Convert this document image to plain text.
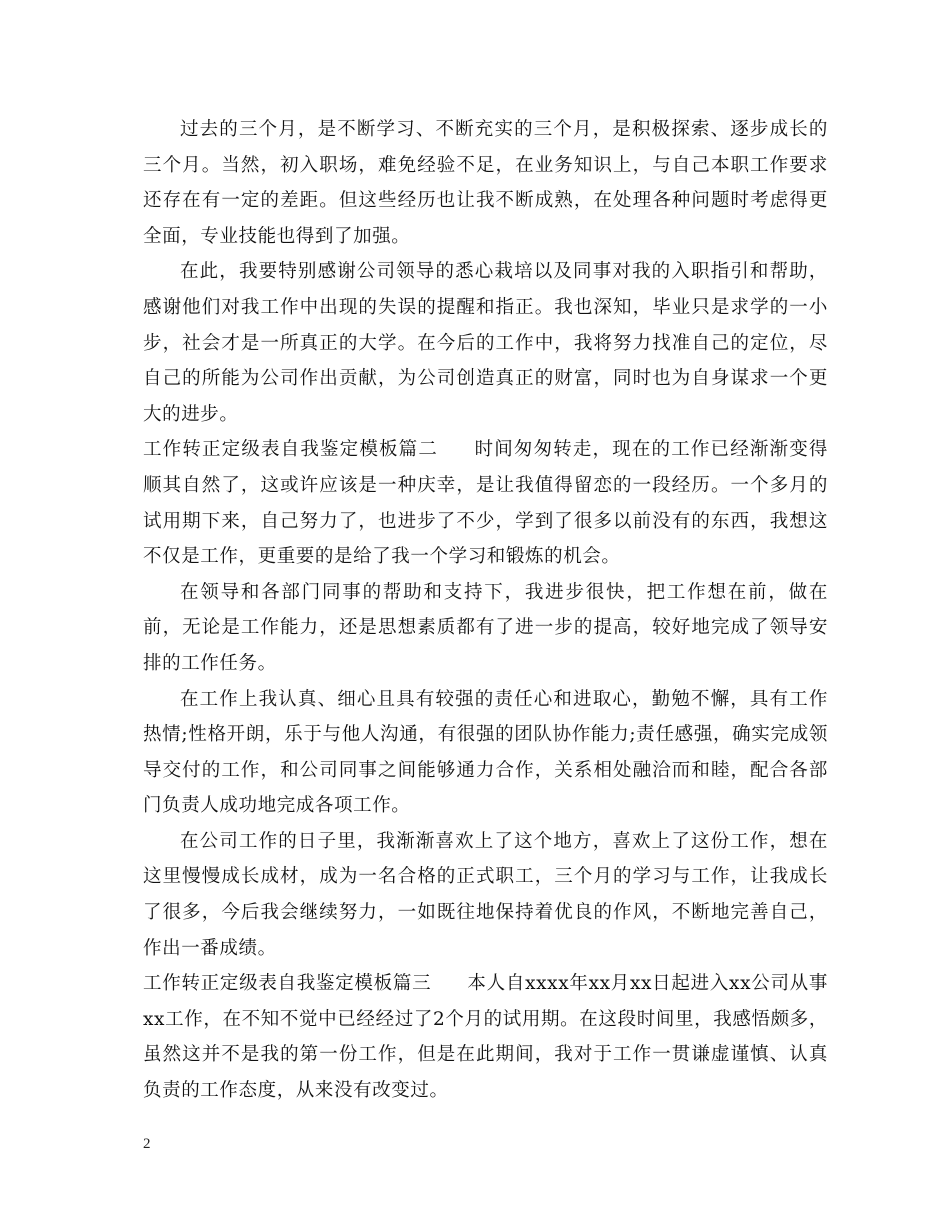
过去的三个月，是不断学习、不断充实的三个月，是积极探索、逐步成长的三个月。当然，初入职场，难免经验不足，在业务知识上，与自己本职工作要求还存在有一定的差距。但这些经历也让我不断成熟，在处理各种问题时考虑得更全面，专业技能也得到了加强。

在此，我要特别感谢公司领导的悉心栽培以及同事对我的入职指引和帮助，感谢他们对我工作中出现的失误的提醒和指正。我也深知，毕业只是求学的一小步，社会才是一所真正的大学。在今后的工作中，我将努力找准自己的定位，尽自己的所能为公司作出贡献，为公司创造真正的财富，同时也为自身谋求一个更大的进步。

工作转正定级表自我鉴定模板篇二 时间匆匆转走，现在的工作已经渐渐变得顺其自然了，这或许应该是一种庆幸，是让我值得留恋的一段经历。一个多月的试用期下来，自己努力了，也进步了不少，学到了很多以前没有的东西，我想这不仅是工作，更重要的是给了我一个学习和锻炼的机会。

在领导和各部门同事的帮助和支持下，我进步很快，把工作想在前，做在前，无论是工作能力，还是思想素质都有了进一步的提高，较好地完成了领导安排的工作任务。

在工作上我认真、细心且具有较强的责任心和进取心，勤勉不懈，具有工作热情;性格开朗，乐于与他人沟通，有很强的团队协作能力;责任感强，确实完成领导交付的工作，和公司同事之间能够通力合作，关系相处融洽而和睦，配合各部门负责人成功地完成各项工作。

在公司工作的日子里，我渐渐喜欢上了这个地方，喜欢上了这份工作，想在这里慢慢成长成材，成为一名合格的正式职工，三个月的学习与工作，让我成长了很多，今后我会继续努力，一如既往地保持着优良的作风，不断地完善自己，作出一番成绩。

工作转正定级表自我鉴定模板篇三 本人自xxxx年xx月xx日起进入xx公司从事xx工作，在不知不觉中已经经过了2个月的试用期。在这段时间里，我感悟颇多，虽然这并不是我的第一份工作，但是在此期间，我对于工作一贯谦虚谨慎、认真负责的工作态度，从来没有改变过。

2
